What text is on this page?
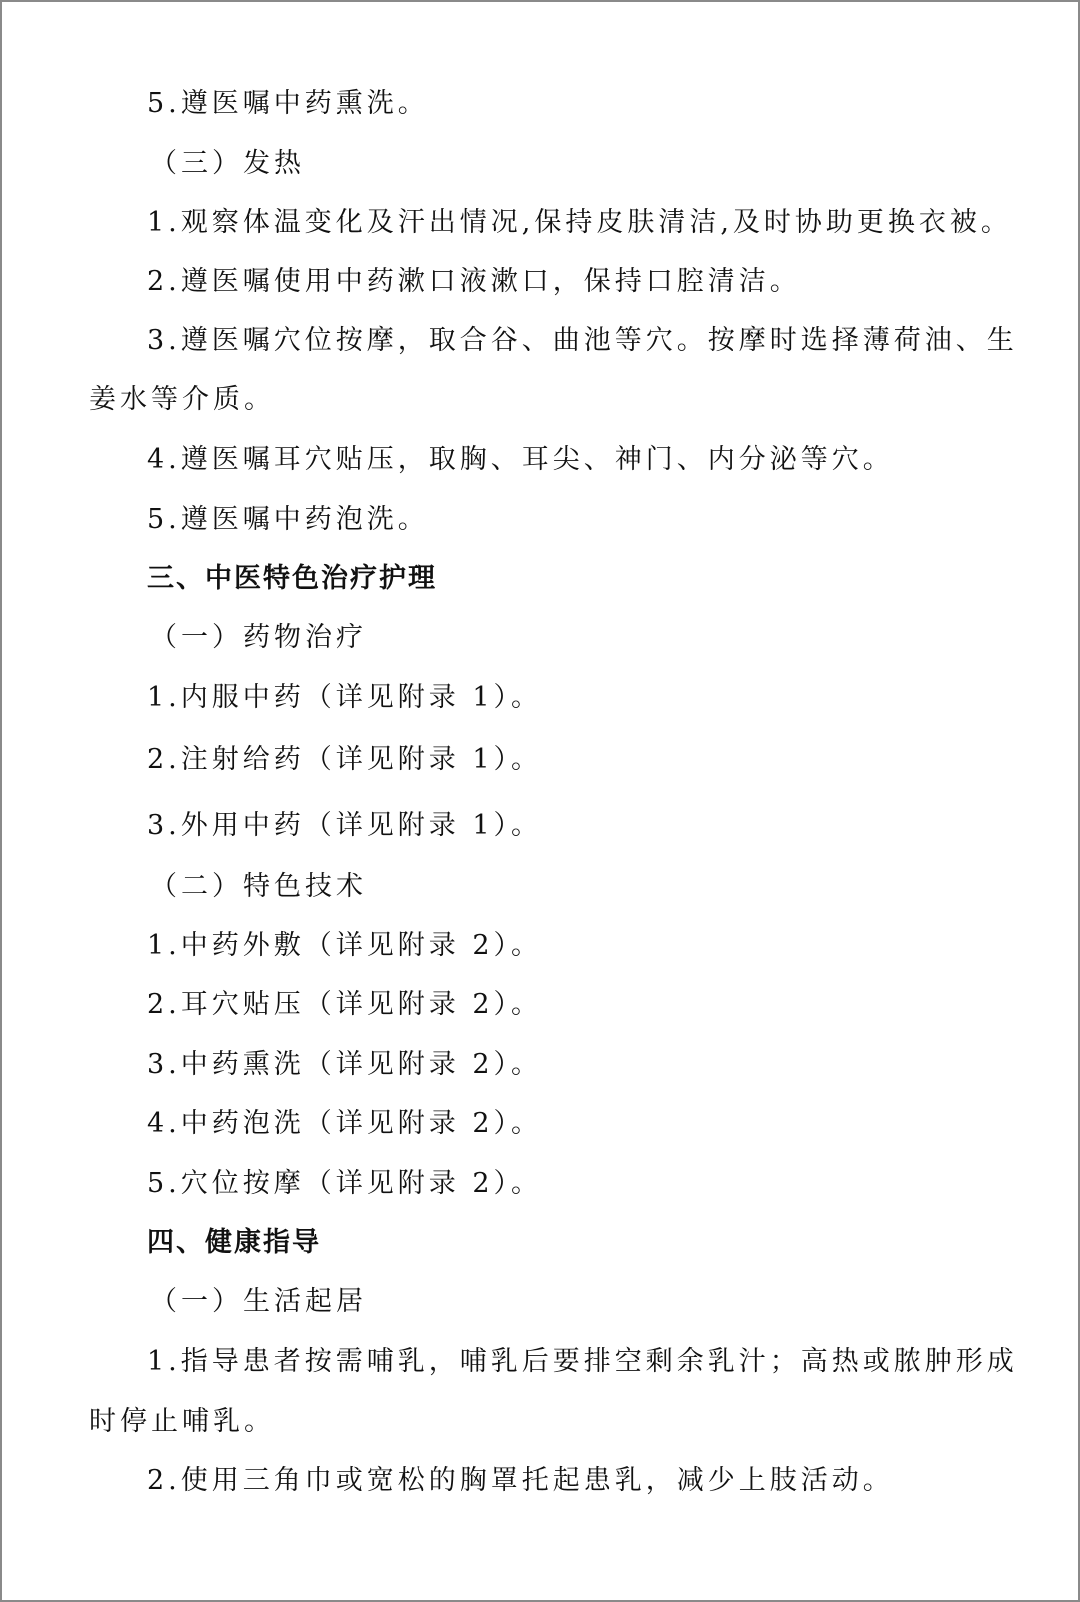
5.遵医嘱中药熏洗。
（三）发热
1.观察体温变化及汗出情况,保持皮肤清洁,及时协助更换衣被。
2.遵医嘱使用中药漱口液漱口，保持口腔清洁。
3.遵医嘱穴位按摩，取合谷、曲池等穴。按摩时选择薄荷油、生
姜水等介质。
4.遵医嘱耳穴贴压，取胸、耳尖、神门、内分泌等穴。
5.遵医嘱中药泡洗。
三、中医特色治疗护理
（一）药物治疗
1.内服中药（详见附录 1）。
2.注射给药（详见附录 1）。
3.外用中药（详见附录 1）。
（二）特色技术
1.中药外敷（详见附录 2）。
2.耳穴贴压（详见附录 2）。
3.中药熏洗（详见附录 2）。
4.中药泡洗（详见附录 2）。
5.穴位按摩（详见附录 2）。
四、健康指导
（一）生活起居
1.指导患者按需哺乳，哺乳后要排空剩余乳汁；高热或脓肿形成
时停止哺乳。
2.使用三角巾或宽松的胸罩托起患乳，减少上肢活动。
